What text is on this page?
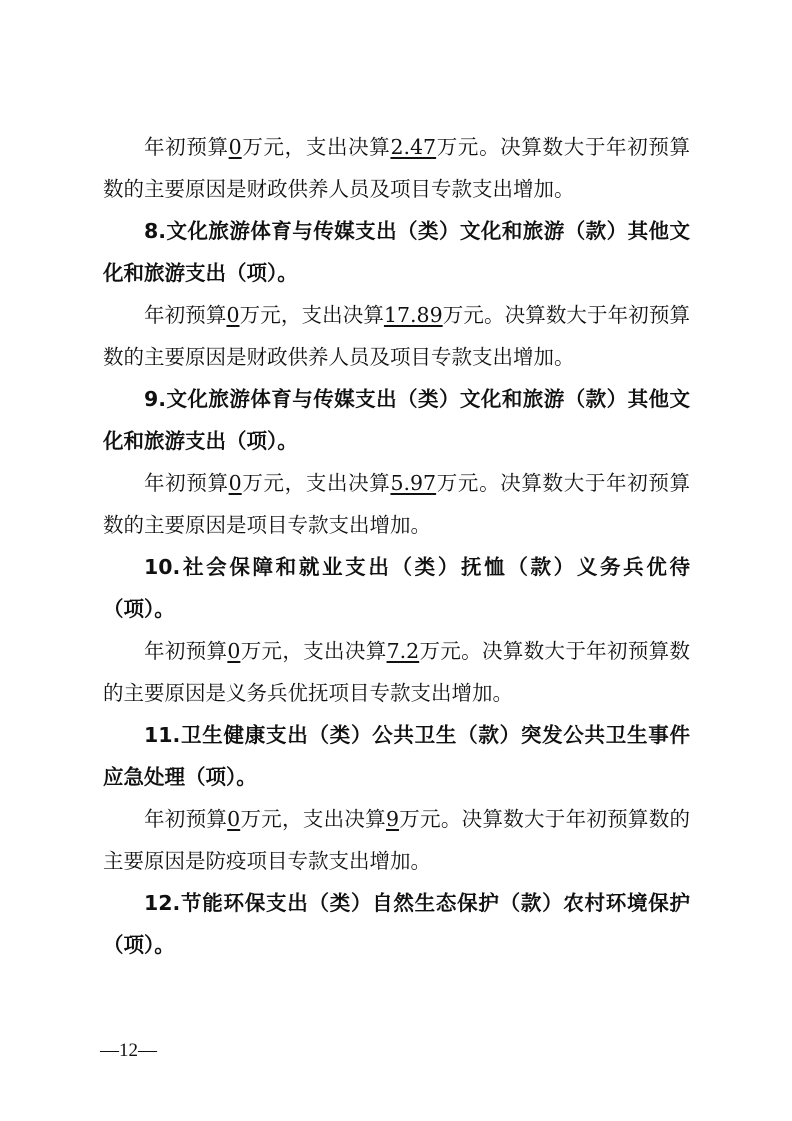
年初预算0万元，支出决算2.47万元。决算数大于年初预算数的主要原因是财政供养人员及项目专款支出增加。

8.文化旅游体育与传媒支出（类）文化和旅游（款）其他文化和旅游支出（项）。

年初预算0万元，支出决算17.89万元。决算数大于年初预算数的主要原因是财政供养人员及项目专款支出增加。

9.文化旅游体育与传媒支出（类）文化和旅游（款）其他文化和旅游支出（项）。

年初预算0万元，支出决算5.97万元。决算数大于年初预算数的主要原因是项目专款支出增加。

10.社会保障和就业支出（类）抚恤（款）义务兵优待（项）。

年初预算0万元，支出决算7.2万元。决算数大于年初预算数的主要原因是义务兵优抚项目专款支出增加。

11.卫生健康支出（类）公共卫生（款）突发公共卫生事件应急处理（项）。

年初预算0万元，支出决算9万元。决算数大于年初预算数的主要原因是防疫项目专款支出增加。

12.节能环保支出（类）自然生态保护（款）农村环境保护（项）。

—12—
